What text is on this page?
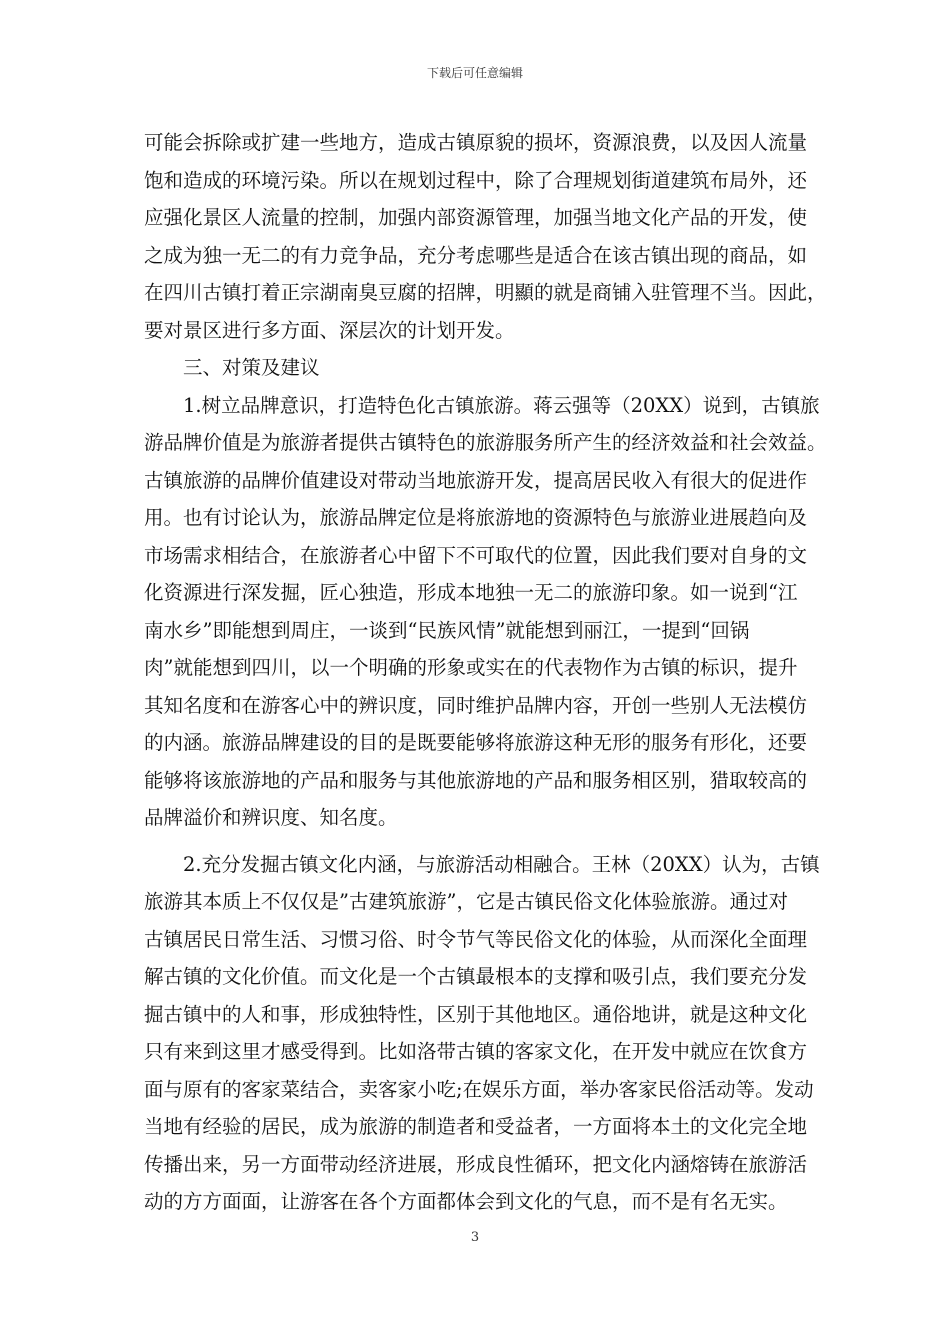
下载后可任意编辑
可能会拆除或扩建一些地方，造成古镇原貌的损坏，资源浪费，以及因人流量
饱和造成的环境污染。所以在规划过程中，除了合理规划街道建筑布局外，还
应强化景区人流量的控制，加强内部资源管理，加强当地文化产品的开发，使
之成为独一无二的有力竞争品，充分考虑哪些是适合在该古镇出现的商品，如
在四川古镇打着正宗湖南臭豆腐的招牌，明顯的就是商铺入驻管理不当。因此，
要对景区进行多方面、深层次的计划开发。
三、对策及建议
1.树立品牌意识，打造特色化古镇旅游。蒋云强等（20XX）说到，古镇旅
游品牌价值是为旅游者提供古镇特色的旅游服务所产生的经济效益和社会效益。
古镇旅游的品牌价值建设对带动当地旅游开发，提高居民收入有很大的促进作
用。也有讨论认为，旅游品牌定位是将旅游地的资源特色与旅游业进展趋向及
市场需求相结合，在旅游者心中留下不可取代的位置，因此我们要对自身的文
化资源进行深发掘，匠心独造，形成本地独一无二的旅游印象。如一说到“江
南水乡”即能想到周庄，一谈到“民族风情”就能想到丽江，一提到“回锅
肉”就能想到四川，以一个明确的形象或实在的代表物作为古镇的标识，提升
其知名度和在游客心中的辨识度，同时维护品牌内容，开创一些别人无法模仿
的内涵。旅游品牌建设的目的是既要能够将旅游这种无形的服务有形化，还要
能够将该旅游地的产品和服务与其他旅游地的产品和服务相区别，猎取较高的
品牌溢价和辨识度、知名度。
2.充分发掘古镇文化内涵，与旅游活动相融合。王林（20XX）认为，古镇
旅游其本质上不仅仅是”古建筑旅游”，它是古镇民俗文化体验旅游。通过对
古镇居民日常生活、习惯习俗、时令节气等民俗文化的体验，从而深化全面理
解古镇的文化价值。而文化是一个古镇最根本的支撑和吸引点，我们要充分发
掘古镇中的人和事，形成独特性，区别于其他地区。通俗地讲，就是这种文化
只有来到这里才感受得到。比如洛带古镇的客家文化，在开发中就应在饮食方
面与原有的客家菜结合，卖客家小吃;在娱乐方面，举办客家民俗活动等。发动
当地有经验的居民，成为旅游的制造者和受益者，一方面将本土的文化完全地
传播出来，另一方面带动经济进展，形成良性循环，把文化内涵熔铸在旅游活
动的方方面面，让游客在各个方面都体会到文化的气息，而不是有名无实。
3
